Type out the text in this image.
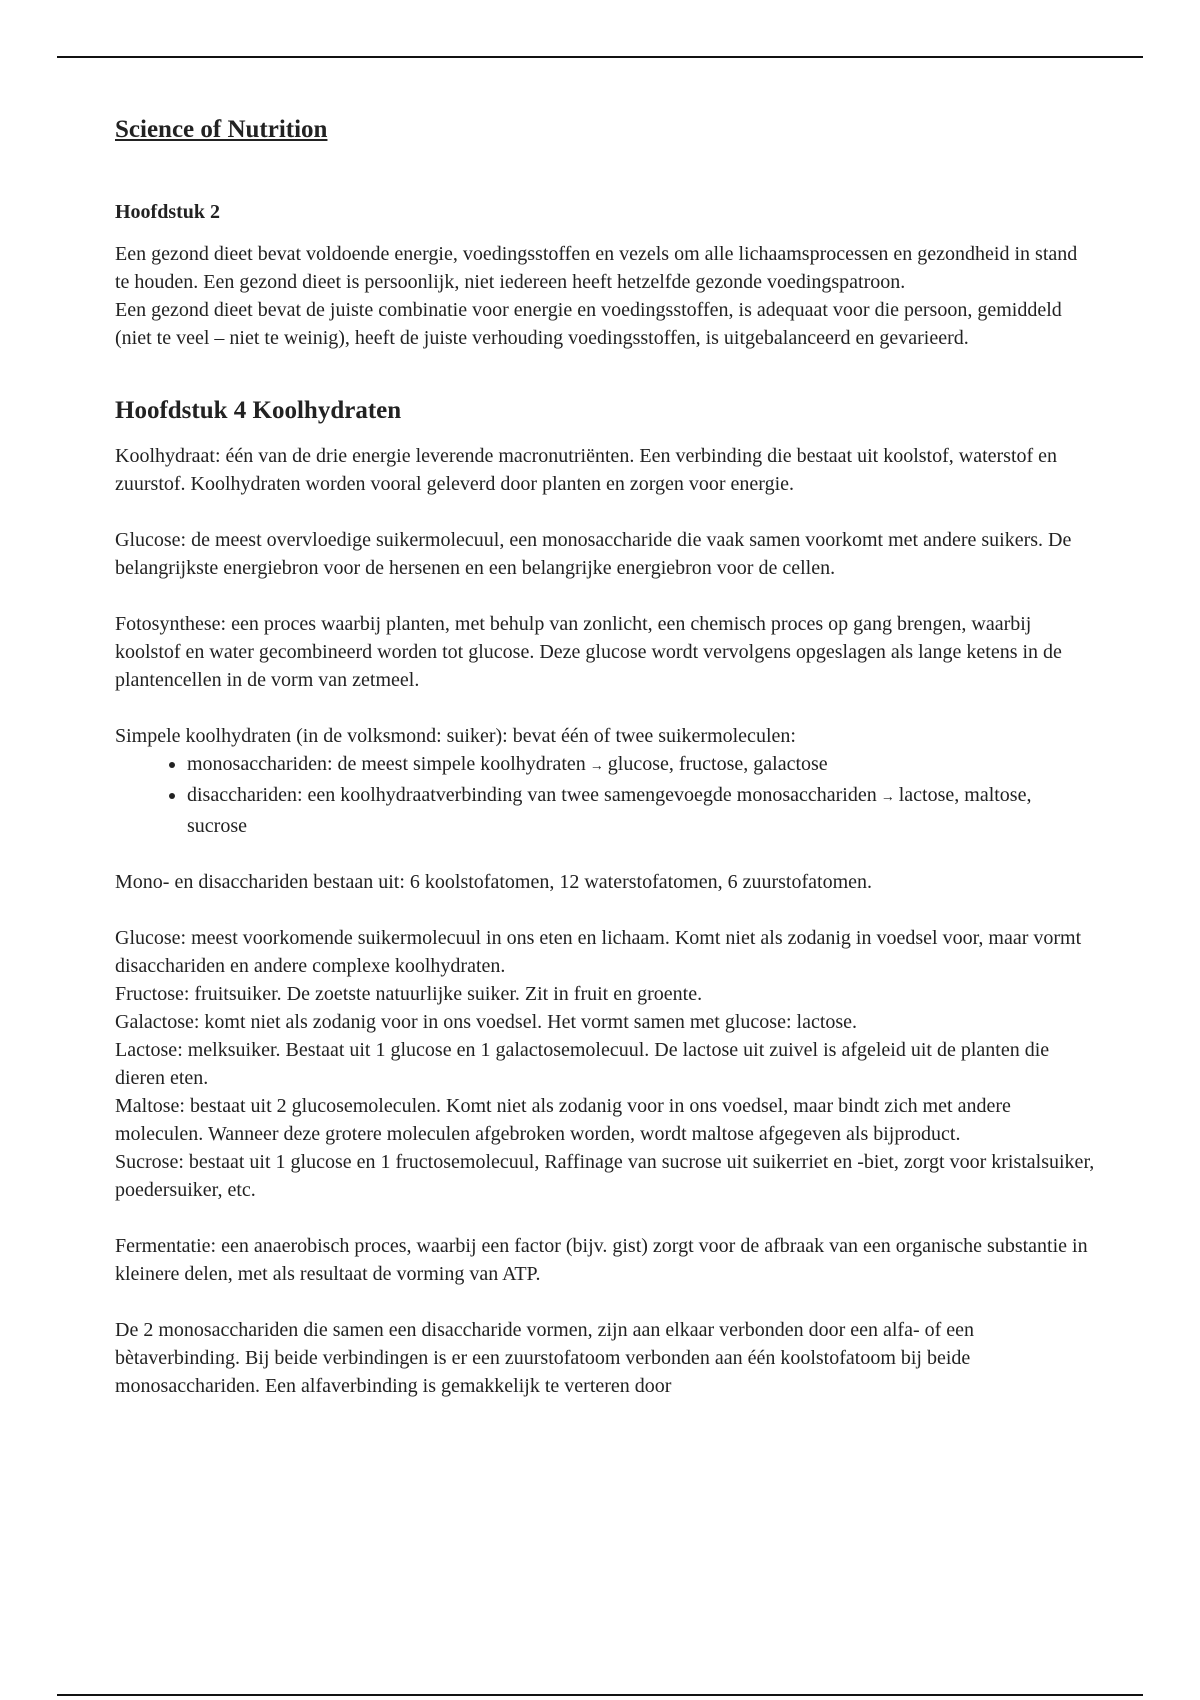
Science of Nutrition
Hoofdstuk 2

Een gezond dieet bevat voldoende energie, voedingsstoffen en vezels om alle lichaamsprocessen en gezondheid in stand te houden. Een gezond dieet is persoonlijk, niet iedereen heeft hetzelfde gezonde voedingspatroon.

Een gezond dieet bevat de juiste combinatie voor energie en voedingsstoffen, is adequaat voor die persoon, gemiddeld (niet te veel – niet te weinig), heeft de juiste verhouding voedingsstoffen, is uitgebalanceerd en gevarieerd.

Hoofdstuk 4 Koolhydraten

Koolhydraat: één van de drie energie leverende macronutriënten. Een verbinding die bestaat uit koolstof, waterstof en zuurstof. Koolhydraten worden vooral geleverd door planten en zorgen voor energie.

Glucose: de meest overvloedige suikermolecuul, een monosaccharide die vaak samen voorkomt met andere suikers. De belangrijkste energiebron voor de hersenen en een belangrijke energiebron voor de cellen.

Fotosynthese: een proces waarbij planten, met behulp van zonlicht, een chemisch proces op gang brengen, waarbij koolstof en water gecombineerd worden tot glucose. Deze glucose wordt vervolgens opgeslagen als lange ketens in de plantencellen in de vorm van zetmeel.

Simpele koolhydraten (in de volksmond: suiker): bevat één of twee suikermoleculen:

• monosacchariden: de meest simpele koolhydraten → glucose, fructose, galactose
• disacchariden: een koolhydraatverbinding van twee samengevoegde monosacchariden → lactose, maltose, sucrose

Mono- en disacchariden bestaan uit: 6 koolstofatomen, 12 waterstofatomen, 6 zuurstofatomen.

Glucose: meest voorkomende suikermolecuul in ons eten en lichaam. Komt niet als zodanig in voedsel voor, maar vormt disacchariden en andere complexe koolhydraten.

Fructose: fruitsuiker. De zoetste natuurlijke suiker. Zit in fruit en groente.

Galactose: komt niet als zodanig voor in ons voedsel. Het vormt samen met glucose: lactose.

Lactose: melksuiker. Bestaat uit 1 glucose en 1 galactosemolecuul. De lactose uit zuivel is afgeleid uit de planten die dieren eten.

Maltose: bestaat uit 2 glucosemoleculen. Komt niet als zodanig voor in ons voedsel, maar bindt zich met andere moleculen. Wanneer deze grotere moleculen afgebroken worden, wordt maltose afgegeven als bijproduct.

Sucrose: bestaat uit 1 glucose en 1 fructosemolecuul, Raffinage van sucrose uit suikerriet en -biet, zorgt voor kristalsuiker, poedersuiker, etc.

Fermentatie: een anaerobisch proces, waarbij een factor (bijv. gist) zorgt voor de afbraak van een organische substantie in kleinere delen, met als resultaat de vorming van ATP.

De 2 monosacchariden die samen een disaccharide vormen, zijn aan elkaar verbonden door een alfa- of een bètaverbinding. Bij beide verbindingen is er een zuurstofatoom verbonden aan één koolstofatoom bij beide monosacchariden. Een alfaverbinding is gemakkelijk te verteren door
